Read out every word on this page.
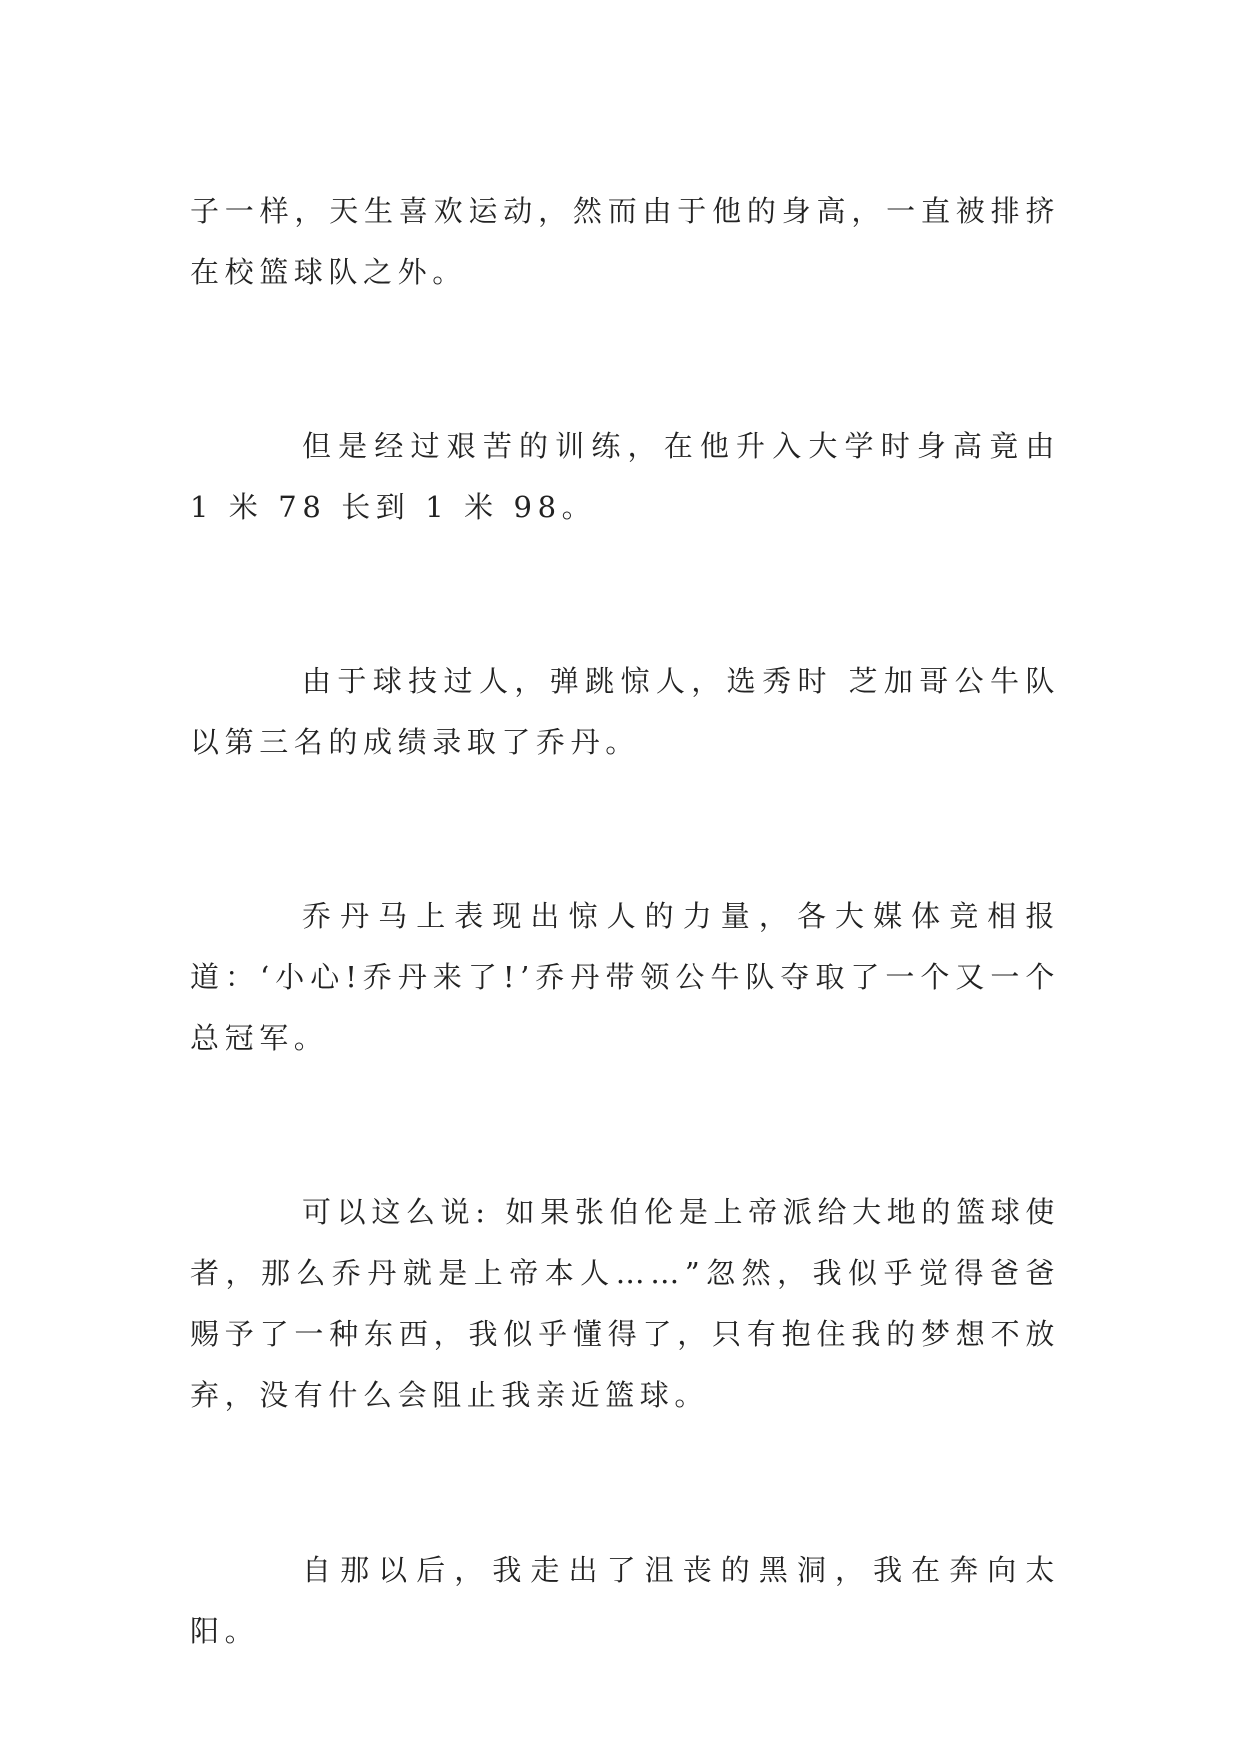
子一样，天生喜欢运动，然而由于他的身高，一直被排挤在校篮球队之外。

但是经过艰苦的训练，在他升入大学时身高竟由 1 米 78 长到 1 米 98。

由于球技过人，弹跳惊人，选秀时 芝加哥公牛队以第三名的成绩录取了乔丹。

乔丹马上表现出惊人的力量，各大媒体竞相报道：‘小心!乔丹来了!’乔丹带领公牛队夺取了一个又一个总冠军。

可以这么说: 如果张伯伦是上帝派给大地的篮球使者，那么乔丹就是上帝本人……”忽然，我似乎觉得爸爸赐予了一种东西，我似乎懂得了，只有抱住我的梦想不放弃，没有什么会阻止我亲近篮球。

自那以后，我走出了沮丧的黑洞，我在奔向太阳。
